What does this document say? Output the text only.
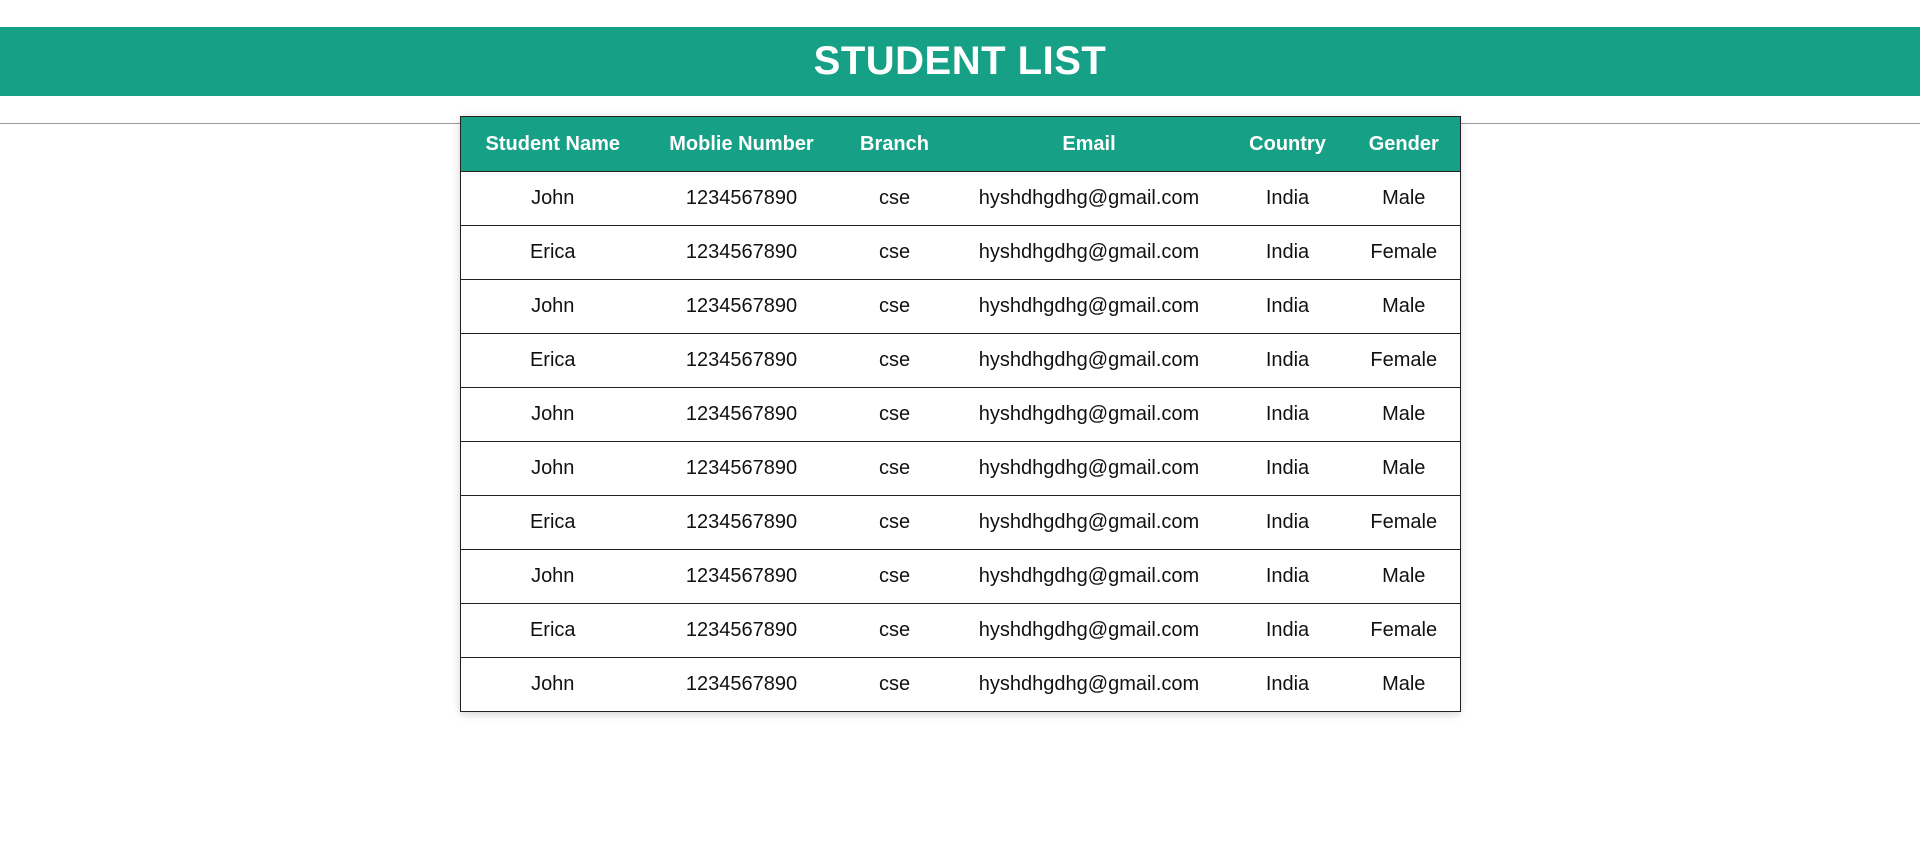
STUDENT LIST
Student Name	Moblie Number	Branch	Email	Country	Gender
John	1234567890	cse	hyshdhgdhg@gmail.com	India	Male
Erica	1234567890	cse	hyshdhgdhg@gmail.com	India	Female
John	1234567890	cse	hyshdhgdhg@gmail.com	India	Male
Erica	1234567890	cse	hyshdhgdhg@gmail.com	India	Female
John	1234567890	cse	hyshdhgdhg@gmail.com	India	Male
John	1234567890	cse	hyshdhgdhg@gmail.com	India	Male
Erica	1234567890	cse	hyshdhgdhg@gmail.com	India	Female
John	1234567890	cse	hyshdhgdhg@gmail.com	India	Male
Erica	1234567890	cse	hyshdhgdhg@gmail.com	India	Female
John	1234567890	cse	hyshdhgdhg@gmail.com	India	Male
